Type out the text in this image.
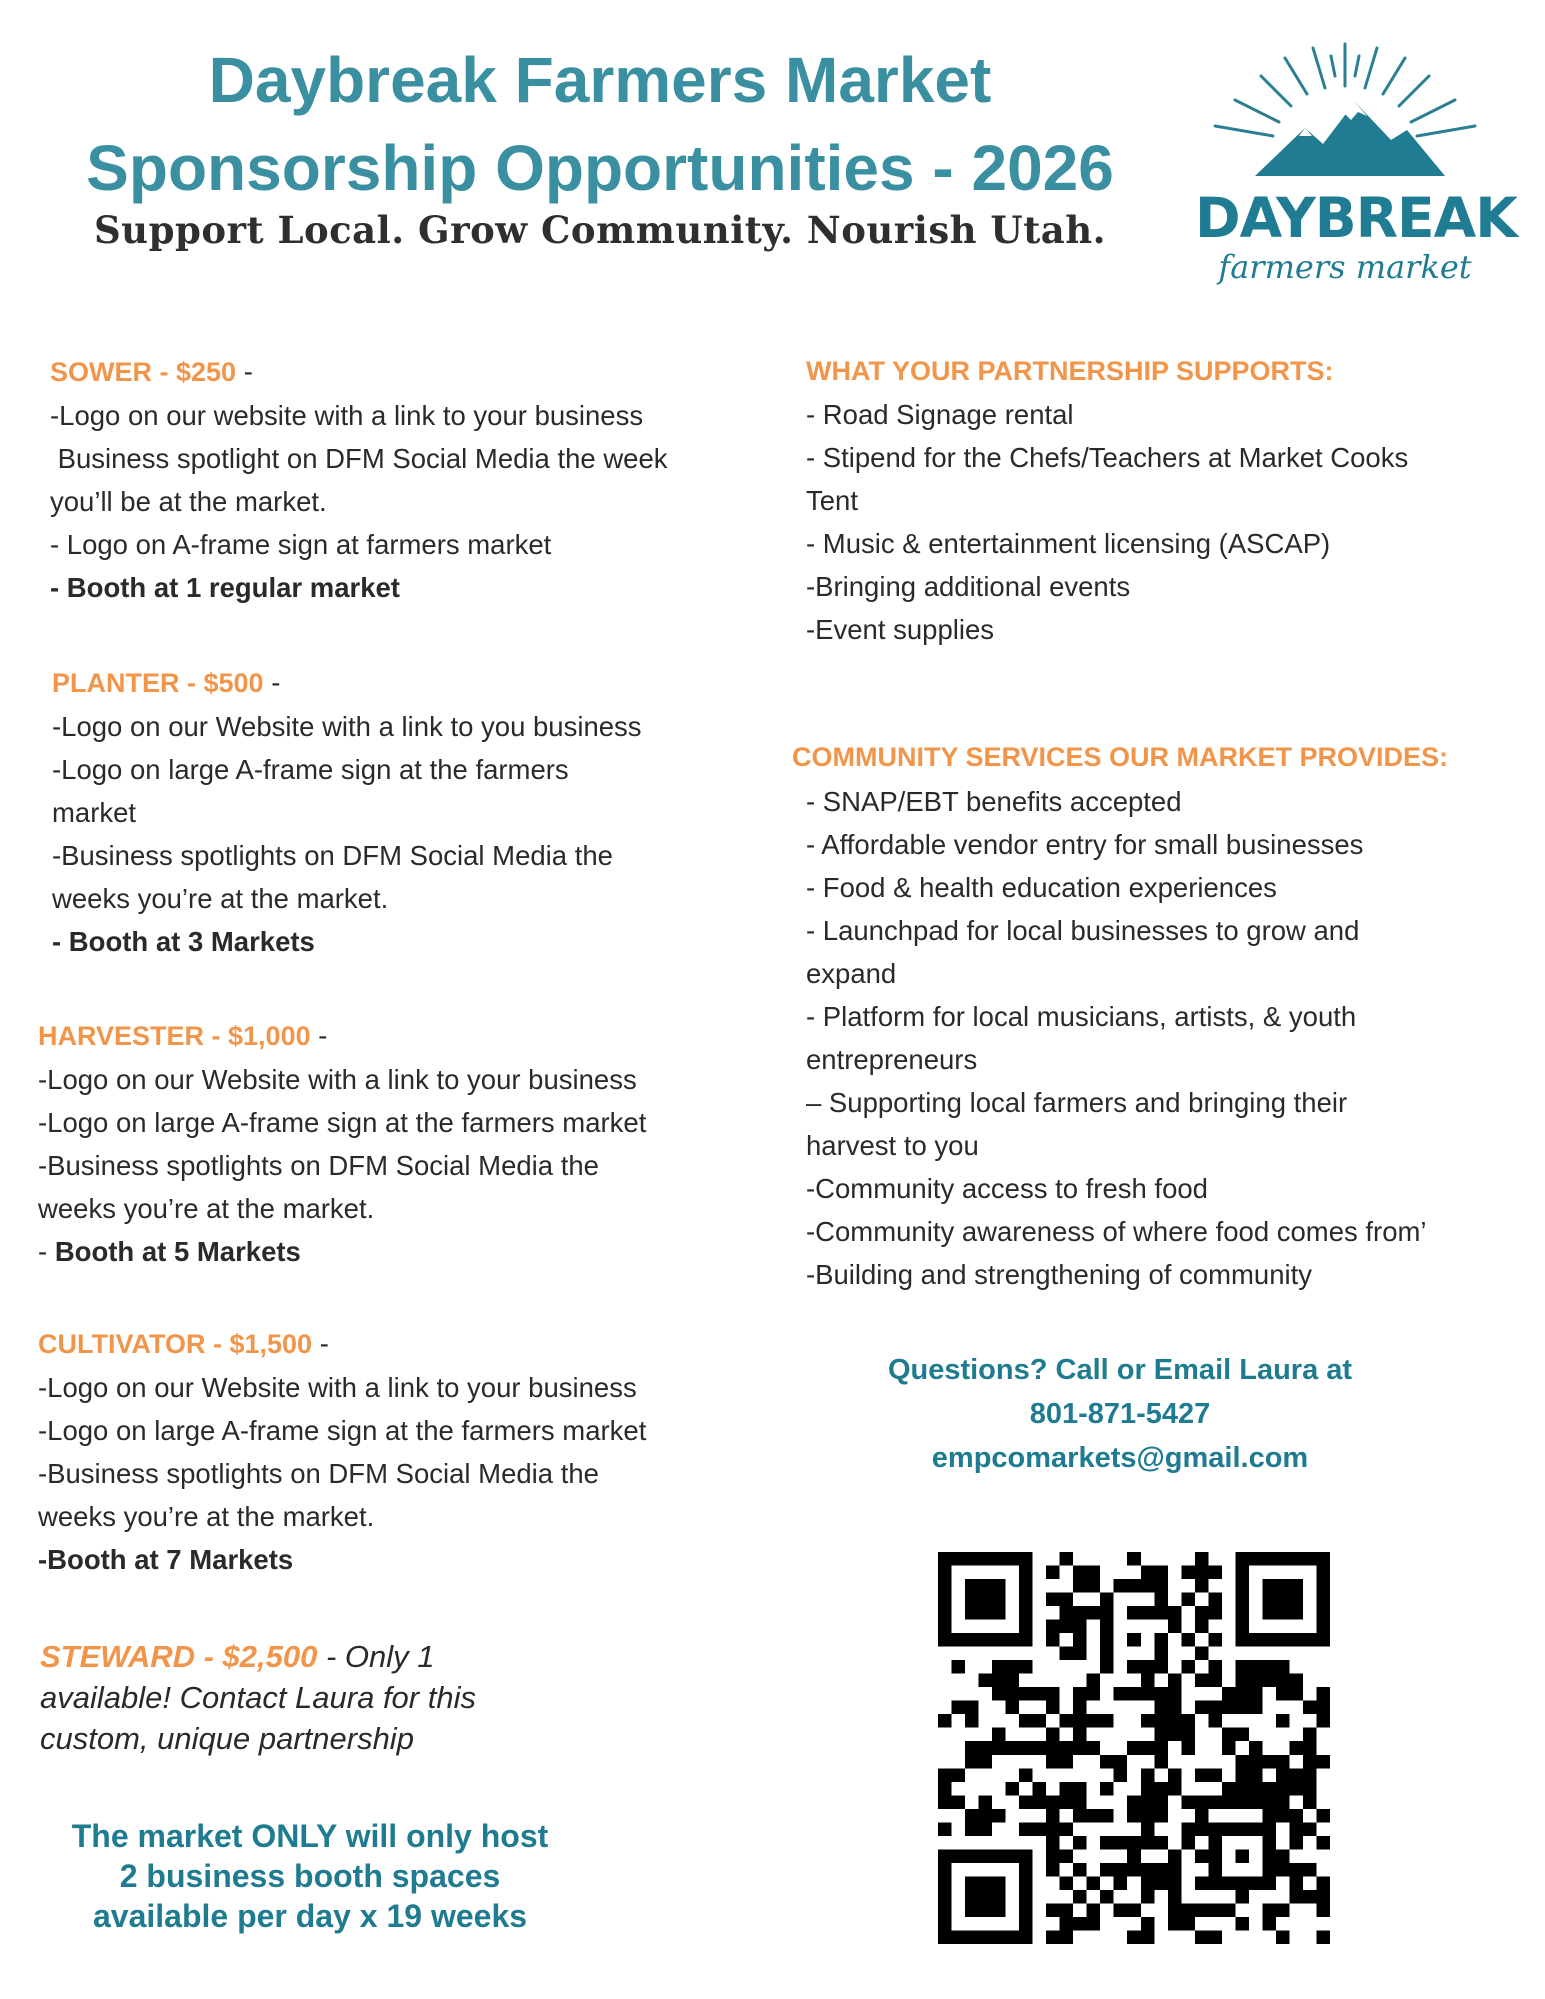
Daybreak Farmers Market
Sponsorship Opportunities - 2026

Support Local. Grow Community. Nourish Utah.	DAYBREAK
farmers market

SOWER - $250 -

-Logo on our website with a link to your business

Business spotlight on DFM Social Media the week

you’ll be at the market.

- Logo on A-frame sign at farmers market

- Booth at 1 regular market

PLANTER - $500 -

-Logo on our Website with a link to you business

-Logo on large A-frame sign at the farmers

market

-Business spotlights on DFM Social Media the

weeks you’re at the market.

- Booth at 3 Markets

HARVESTER - $1,000 -

-Logo on our Website with a link to your business

-Logo on large A-frame sign at the farmers market

-Business spotlights on DFM Social Media the

weeks you’re at the market.

- Booth at 5 Markets

CULTIVATOR - $1,500 -

-Logo on our Website with a link to your business

-Logo on large A-frame sign at the farmers market

-Business spotlights on DFM Social Media the

weeks you’re at the market.

-Booth at 7 Markets

STEWARD - $2,500 - Only 1

available! Contact Laura for this

custom, unique partnership

The market ONLY will only host
2 business booth spaces
available per day x 19 weeks

WHAT YOUR PARTNERSHIP SUPPORTS:

- Road Signage rental

- Stipend for the Chefs/Teachers at Market Cooks

Tent

- Music & entertainment licensing (ASCAP)

-Bringing additional events

-Event supplies

COMMUNITY SERVICES OUR MARKET PROVIDES:

- SNAP/EBT benefits accepted

- Affordable vendor entry for small businesses

- Food & health education experiences

- Launchpad for local businesses to grow and

expand

- Platform for local musicians, artists, & youth

entrepreneurs

– Supporting local farmers and bringing their

harvest to you

-Community access to fresh food

-Community awareness of where food comes from’

-Building and strengthening of community

Questions? Call or Email Laura at

801-871-5427

empcomarkets@gmail.com
